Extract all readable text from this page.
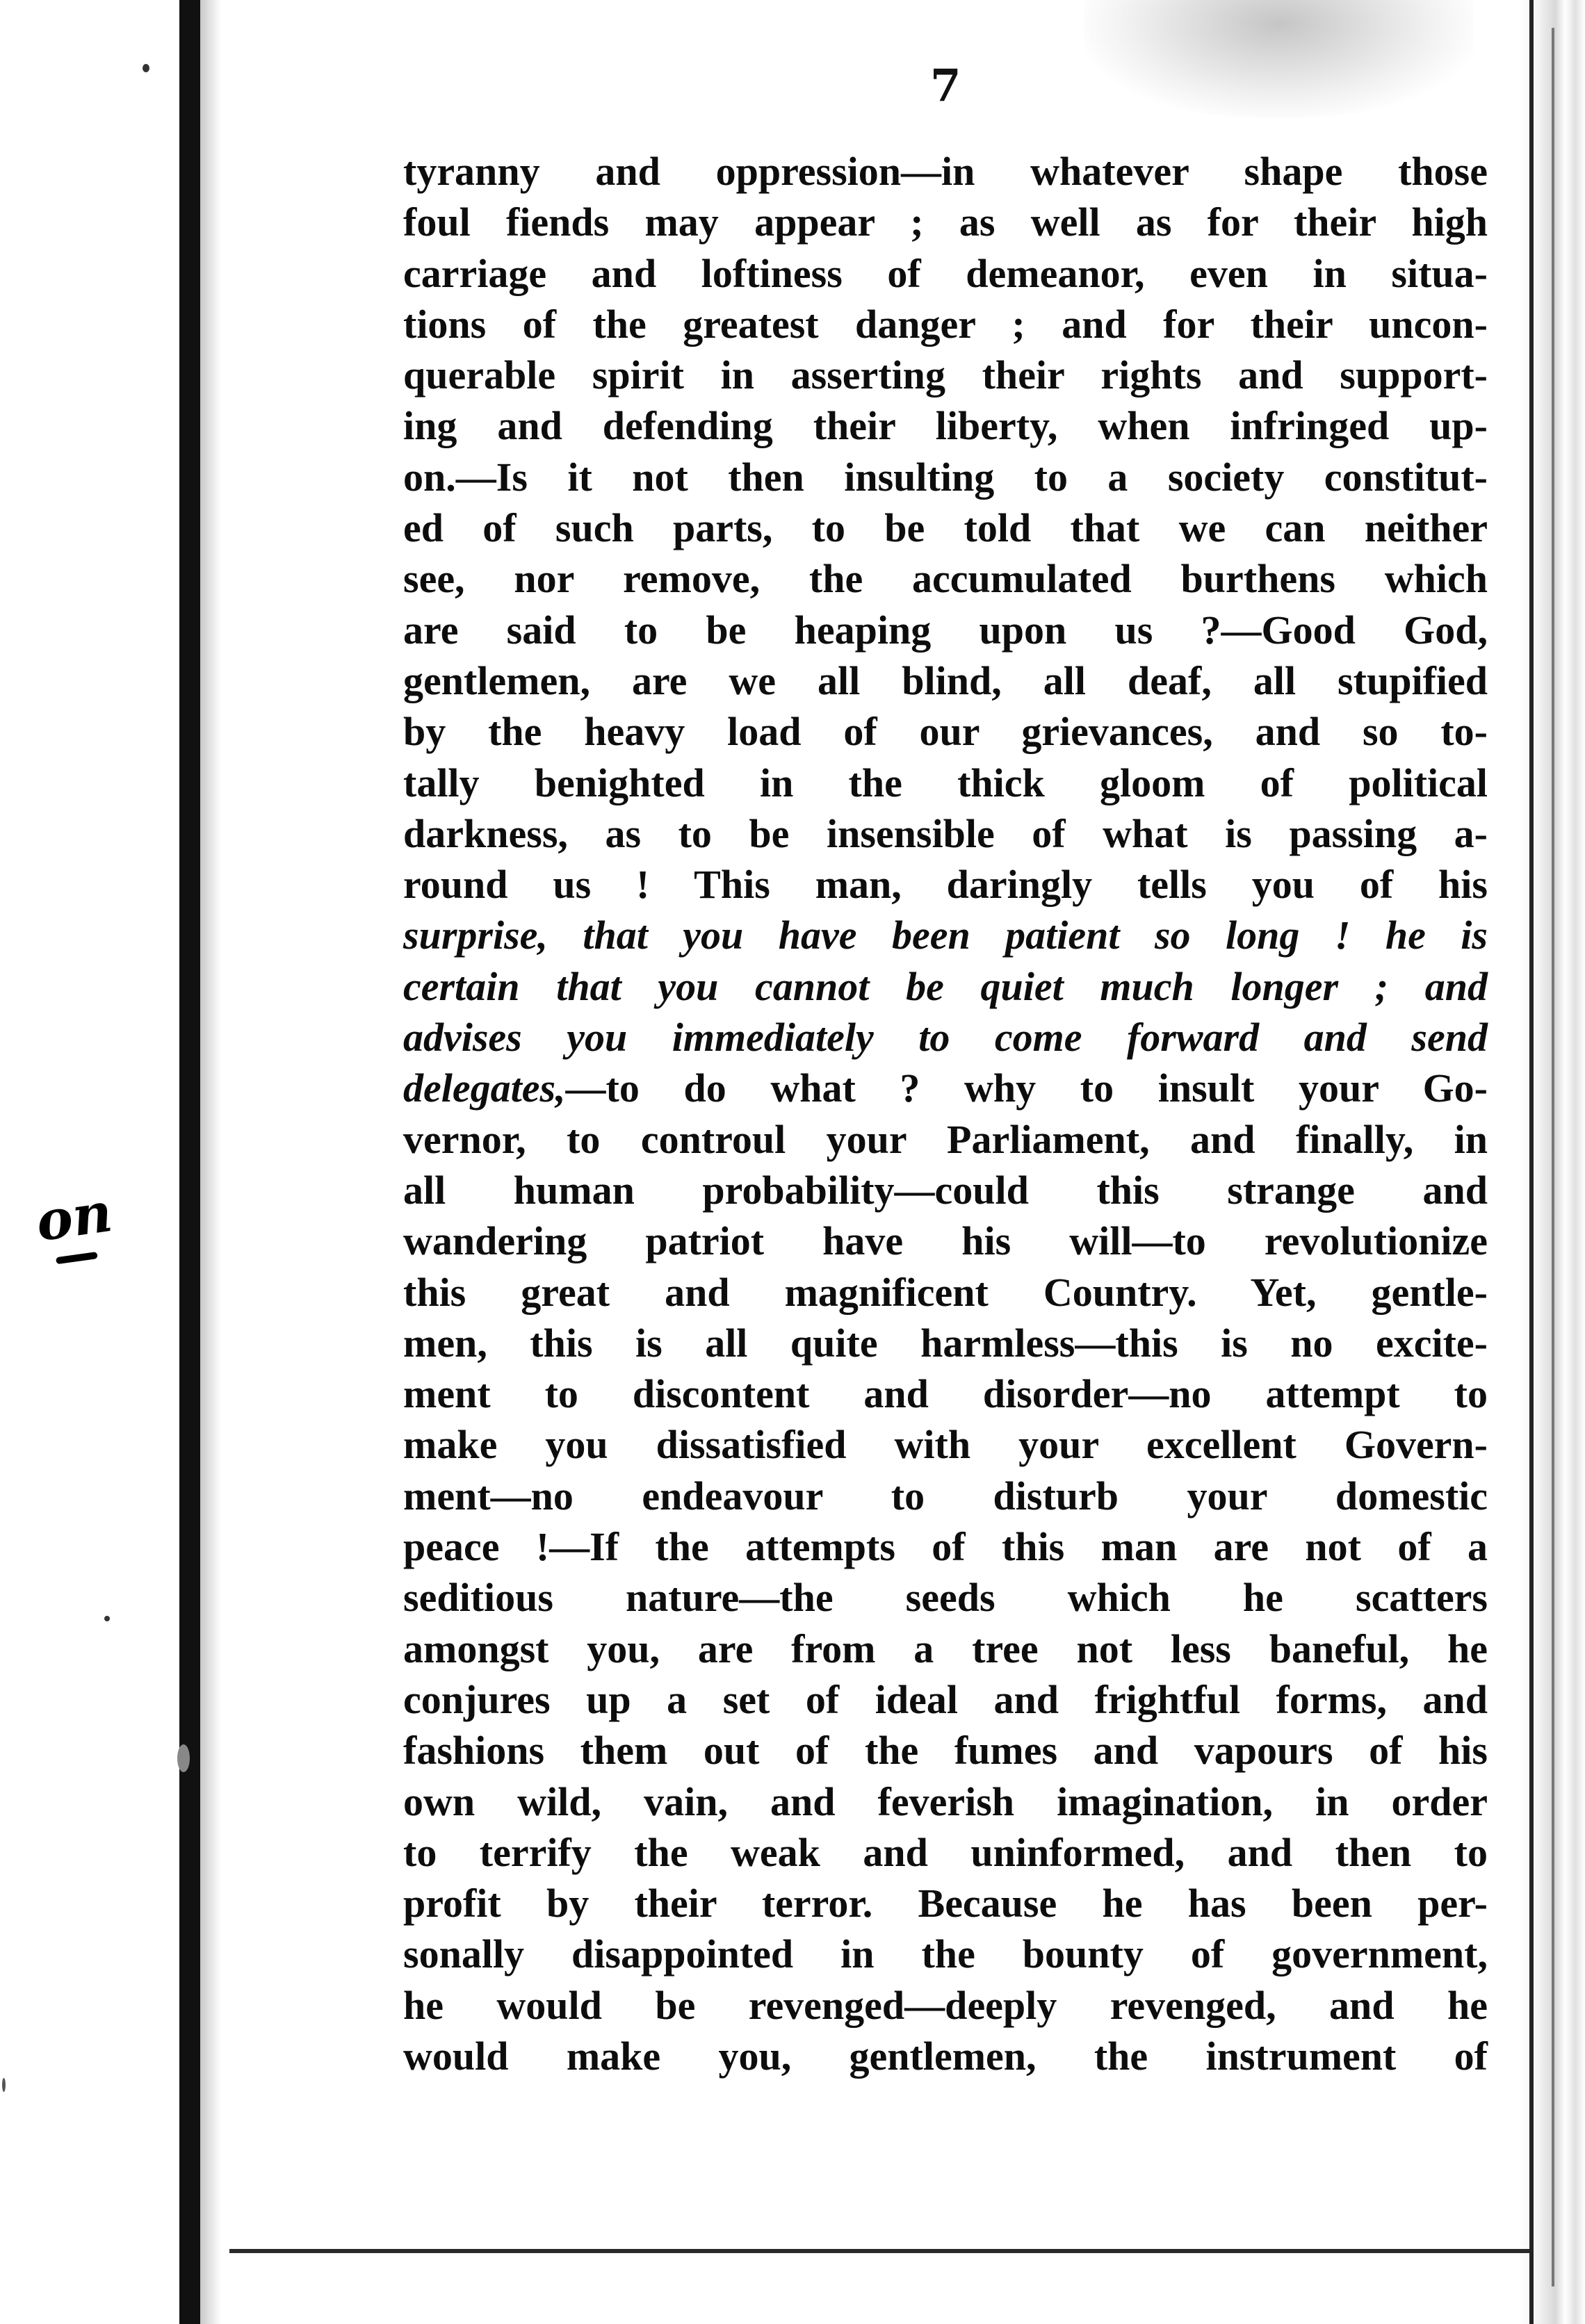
on
7
tyranny and oppression—in whatever shape those
foul fiends may appear ; as well as for their high
carriage and loftiness of demeanor, even in situa-
tions of the greatest danger ; and for their uncon-
querable spirit in asserting their rights and support-
ing and defending their liberty, when infringed up-
on.—Is it not then insulting to a society constitut-
ed of such parts, to be told that we can neither
see, nor remove, the accumulated burthens which
are said to be heaping upon us ?—Good God,
gentlemen, are we all blind, all deaf, all stupified
by the heavy load of our grievances, and so to-
tally benighted in the thick gloom of political
darkness, as to be insensible of what is passing a-
round us ! This man, daringly tells you of his
surprise, that you have been patient so long ! he is
certain that you cannot be quiet much longer ; and
advises you immediately to come forward and send
delegates,—to do what ? why to insult your Go-
vernor, to controul your Parliament, and finally, in
all human probability—could this strange and
wandering patriot have his will—to revolutionize
this great and magnificent Country. Yet, gentle-
men, this is all quite harmless—this is no excite-
ment to discontent and disorder—no attempt to
make you dissatisfied with your excellent Govern-
ment—no endeavour to disturb your domestic
peace !—If the attempts of this man are not of a
seditious nature—the seeds which he scatters
amongst you, are from a tree not less baneful, he
conjures up a set of ideal and frightful forms, and
fashions them out of the fumes and vapours of his
own wild, vain, and feverish imagination, in order
to terrify the weak and uninformed, and then to
profit by their terror. Because he has been per-
sonally disappointed in the bounty of government,
he would be revenged—deeply revenged, and he
would make you, gentlemen, the instrument of
